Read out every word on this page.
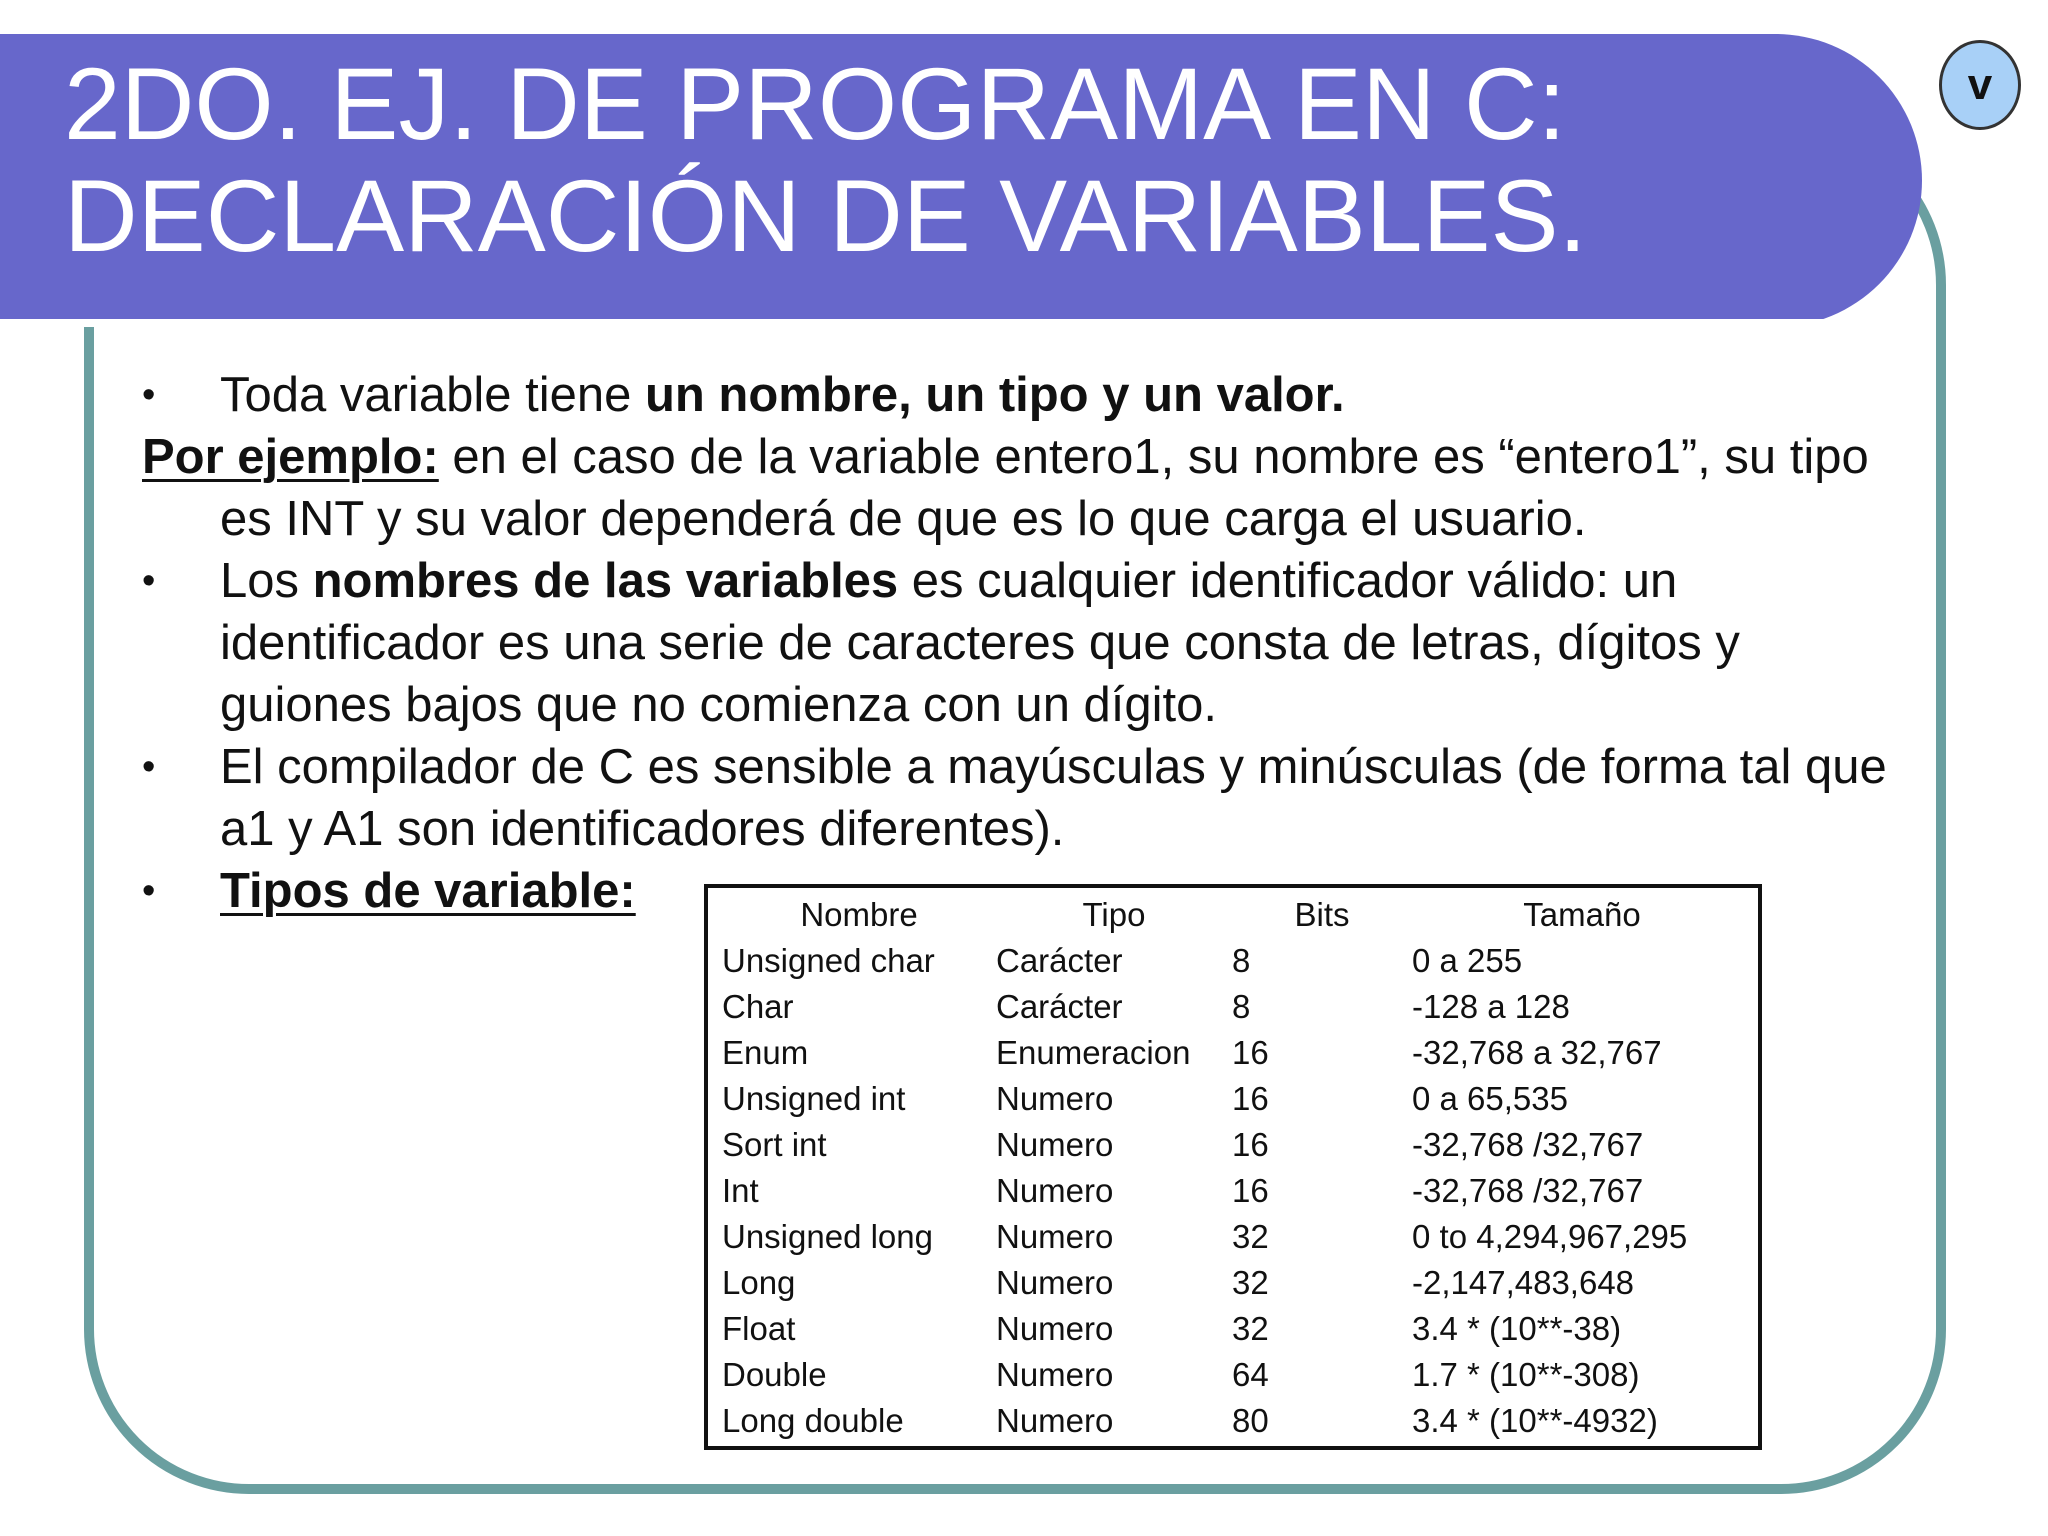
2DO. EJ. DE PROGRAMA EN C:
DECLARACIÓN DE VARIABLES.
v

• Toda variable tiene un nombre, un tipo y un valor.

Por ejemplo: en el caso de la variable entero1, su nombre es “entero1”, su tipo es INT y su valor dependerá de que es lo que carga el usuario.

• Los nombres de las variables es cualquier identificador válido: un identificador es una serie de caracteres que consta de letras, dígitos y guiones bajos que no comienza con un dígito.

• El compilador de C es sensible a mayúsculas y minúsculas (de forma tal que a1 y A1 son identificadores diferentes).

• Tipos de variable:	Nombre	Tipo	Bits	Tamaño
Unsigned char	Carácter	8	0 a 255
Char	Carácter	8	-128 a 128
Enum	Enumeracion	16	-32,768 a 32,767
Unsigned int	Numero	16	0 a 65,535
Sort int	Numero	16	-32,768 /32,767
Int	Numero	16	-32,768 /32,767
Unsigned long	Numero	32	0 to 4,294,967,295
Long	Numero	32	-2,147,483,648
Float	Numero	32	3.4 * (10**-38)
Double	Numero	64	1.7 * (10**-308)
Long double	Numero	80	3.4 * (10**-4932)
